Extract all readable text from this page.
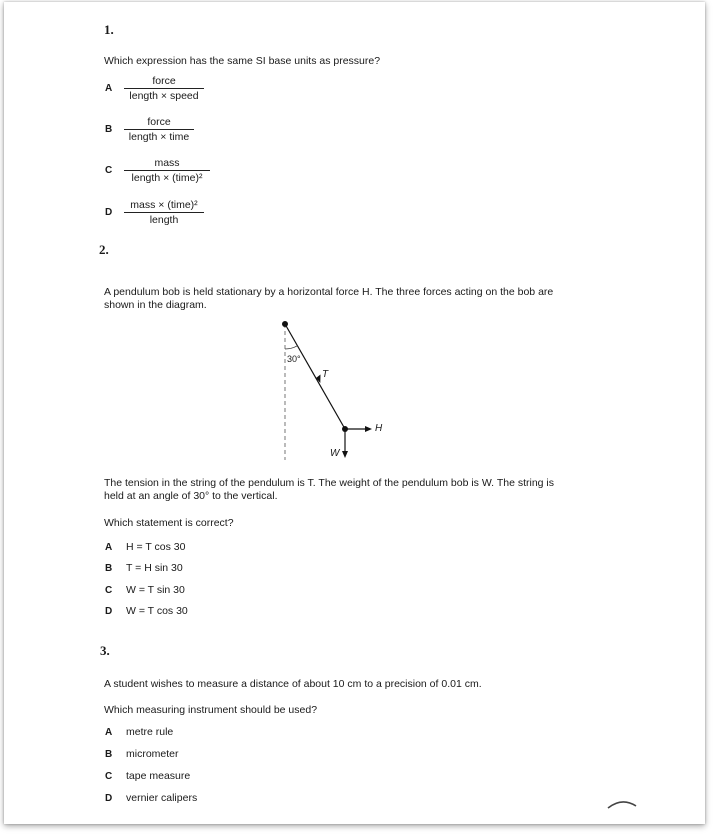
1.
Which expression has the same SI base units as pressure?
A
force
length × speed
B
force
length × time
C
mass
length × (time)²
D
mass × (time)²
length
2.
A pendulum bob is held stationary by a horizontal force H. The three forces acting on the bob are
shown in the diagram.
30°
T
H
W
The tension in the string of the pendulum is T. The weight of the pendulum bob is W. The string is
held at an angle of 30° to the vertical.
Which statement is correct?
A H = T cos 30
B T = H sin 30
C W = T sin 30
D W = T cos 30
3.
A student wishes to measure a distance of about 10 cm to a precision of 0.01 cm.
Which measuring instrument should be used?
A metre rule
B micrometer
C tape measure
D vernier calipers
